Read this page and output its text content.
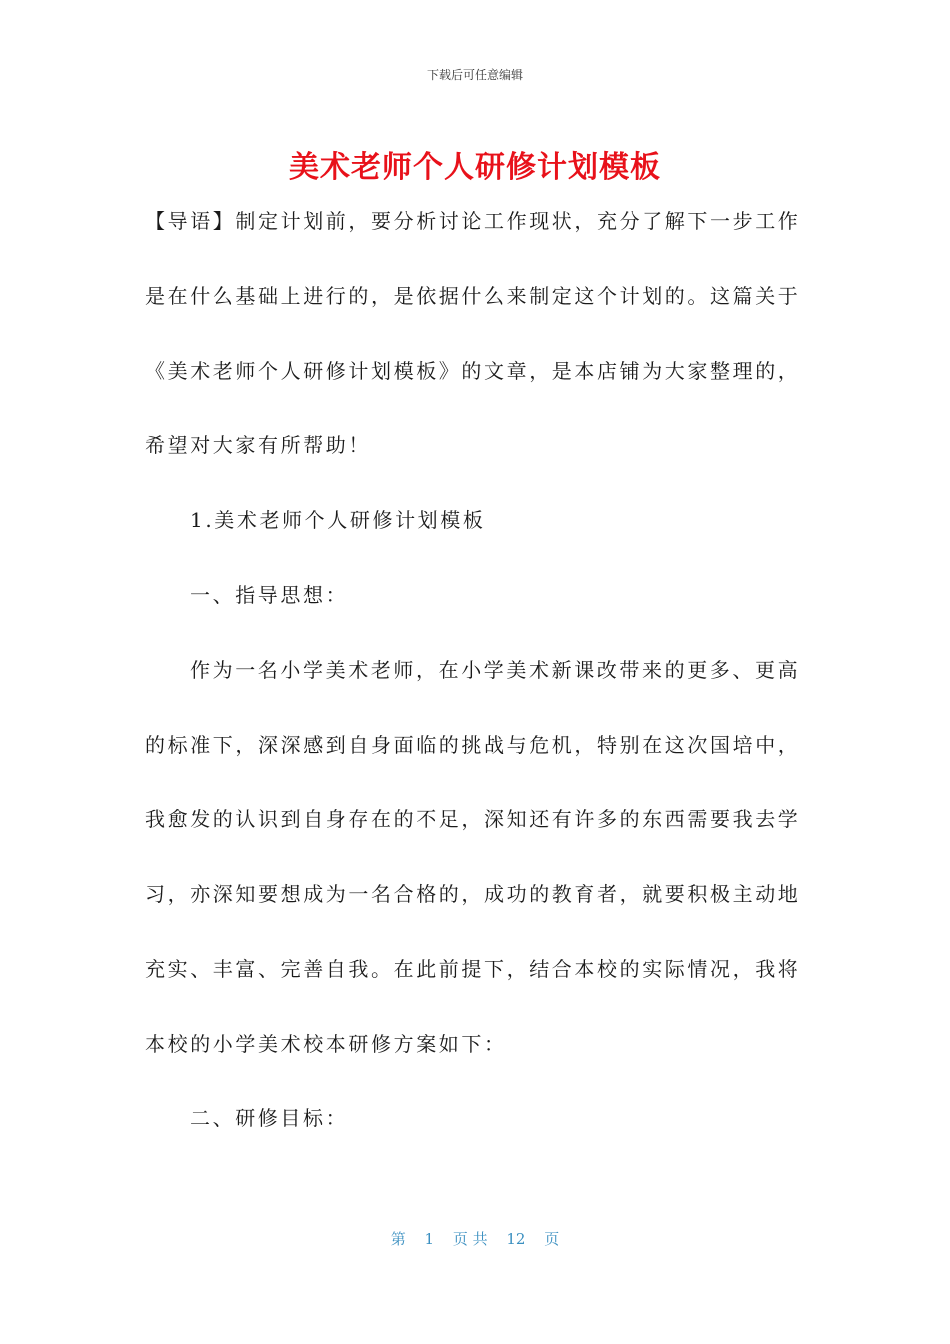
下载后可任意编辑
美术老师个人研修计划模板

【导语】制定计划前，要分析讨论工作现状，充分了解下一步工作

是在什么基础上进行的，是依据什么来制定这个计划的。这篇关于

《美术老师个人研修计划模板》的文章，是本店铺为大家整理的，

希望对大家有所帮助！

1.美术老师个人研修计划模板

一、指导思想：

作为一名小学美术老师，在小学美术新课改带来的更多、更高

的标准下，深深感到自身面临的挑战与危机，特别在这次国培中，

我愈发的认识到自身存在的不足，深知还有许多的东西需要我去学

习，亦深知要想成为一名合格的，成功的教育者，就要积极主动地

充实、丰富、完善自我。在此前提下，结合本校的实际情况，我将

本校的小学美术校本研修方案如下：

二、研修目标：

第 1 页 共 12 页
